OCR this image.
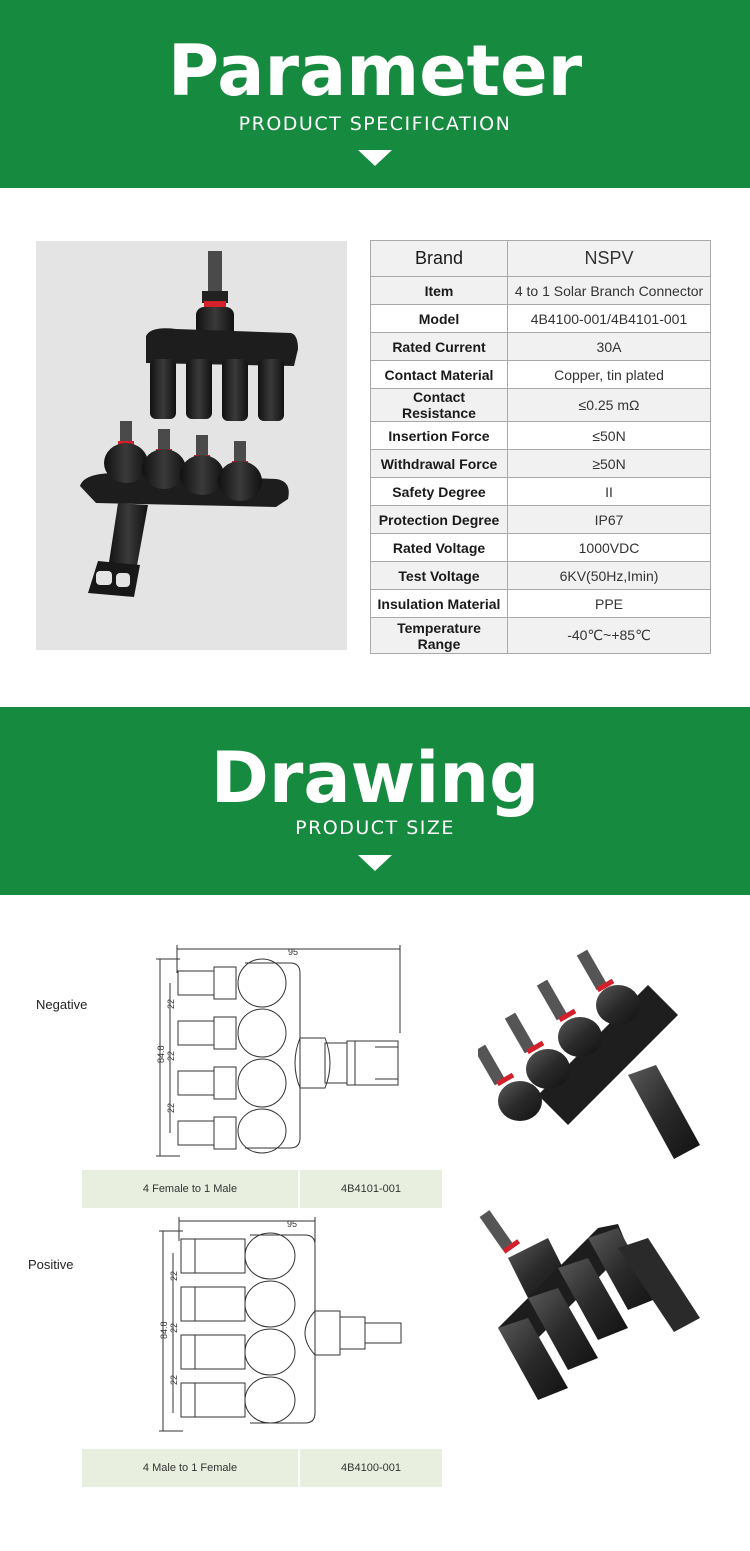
Parameter
PRODUCT SPECIFICATION
Brand	NSPV
Item	4 to 1 Solar Branch Connector
Model	4B4100-001/4B4101-001
Rated Current	30A
Contact Material	Copper, tin plated
Contact Resistance	≤0.25 mΩ
Insertion Force	≤50N
Withdrawal Force	≥50N
Safety Degree	II
Protection Degree	IP67
Rated Voltage	1000VDC
Test Voltage	6KV(50Hz,Imin)
Insulation Material	PPE
Temperature Range	-40℃~+85℃
Drawing
PRODUCT SIZE
Negative
95
84.8
22
22
22
4 Female to 1 Male	4B4101-001
Positive
95
84.8
22
22
22
4 Male to 1 Female	4B4100-001
